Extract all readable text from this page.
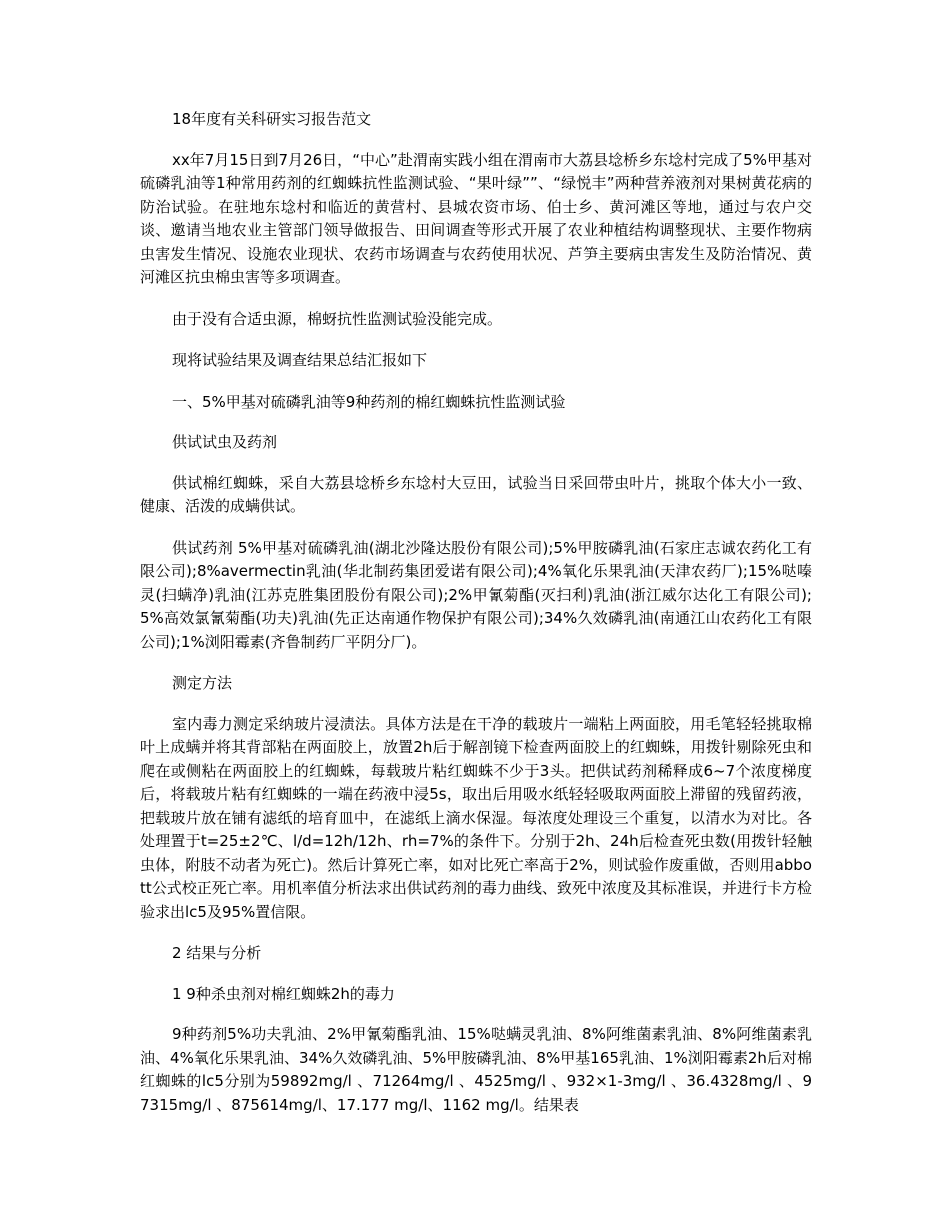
18年度有关科研实习报告范文

xx年7月15日到7月26日，“中心”赴渭南实践小组在渭南市大荔县埝桥乡东埝村完成了5%甲基对硫磷乳油等1种常用药剂的红蜘蛛抗性监测试验、“果叶绿””、“绿悦丰”两种营养液剂对果树黄花病的防治试验。在驻地东埝村和临近的黄营村、县城农资市场、伯士乡、黄河滩区等地，通过与农户交谈、邀请当地农业主管部门领导做报告、田间调查等形式开展了农业种植结构调整现状、主要作物病虫害发生情况、设施农业现状、农药市场调查与农药使用状况、芦笋主要病虫害发生及防治情况、黄河滩区抗虫棉虫害等多项调查。

由于没有合适虫源，棉蚜抗性监测试验没能完成。

现将试验结果及调查结果总结汇报如下

一、5%甲基对硫磷乳油等9种药剂的棉红蜘蛛抗性监测试验

供试试虫及药剂

供试棉红蜘蛛，采自大荔县埝桥乡东埝村大豆田，试验当日采回带虫叶片，挑取个体大小一致、健康、活泼的成螨供试。

供试药剂 5%甲基对硫磷乳油(湖北沙隆达股份有限公司);5%甲胺磷乳油(石家庄志诚农药化工有限公司);8%avermectin乳油(华北制药集团爱诺有限公司);4%氧化乐果乳油(天津农药厂);15%哒嗪灵(扫螨净)乳油(江苏克胜集团股份有限公司);2%甲氰菊酯(灭扫利)乳油(浙江威尔达化工有限公司);5%高效氯氰菊酯(功夫)乳油(先正达南通作物保护有限公司);34%久效磷乳油(南通江山农药化工有限公司);1%浏阳霉素(齐鲁制药厂平阴分厂)。

测定方法

室内毒力测定采纳玻片浸渍法。具体方法是在干净的载玻片一端粘上两面胶，用毛笔轻轻挑取棉叶上成螨并将其背部粘在两面胶上，放置2h后于解剖镜下检查两面胶上的红蜘蛛，用拨针剔除死虫和爬在或侧粘在两面胶上的红蜘蛛，每载玻片粘红蜘蛛不少于3头。把供试药剂稀释成6~7个浓度梯度后，将载玻片粘有红蜘蛛的一端在药液中浸5s，取出后用吸水纸轻轻吸取两面胶上滞留的残留药液，把载玻片放在铺有滤纸的培育皿中，在滤纸上滴水保湿。每浓度处理设三个重复，以清水为对比。各处理置于t=25±2℃、l/d=12h/12h、rh=7%的条件下。分别于2h、24h后检查死虫数(用拨针轻触虫体，附肢不动者为死亡)。然后计算死亡率，如对比死亡率高于2%，则试验作废重做，否则用abbott公式校正死亡率。用机率值分析法求出供试药剂的毒力曲线、致死中浓度及其标准误，并进行卡方检验求出lc5及95%置信限。

2 结果与分析

1 9种杀虫剂对棉红蜘蛛2h的毒力

9种药剂5%功夫乳油、2%甲氰菊酯乳油、15%哒螨灵乳油、8%阿维菌素乳油、8%阿维菌素乳油、4%氧化乐果乳油、34%久效磷乳油、5%甲胺磷乳油、8%甲基165乳油、1%浏阳霉素2h后对棉红蜘蛛的lc5分别为59892mg/l 、71264mg/l 、4525mg/l 、932×1-3mg/l 、36.4328mg/l 、97315mg/l 、875614mg/l、17.177 mg/l、1162 mg/l。结果表
